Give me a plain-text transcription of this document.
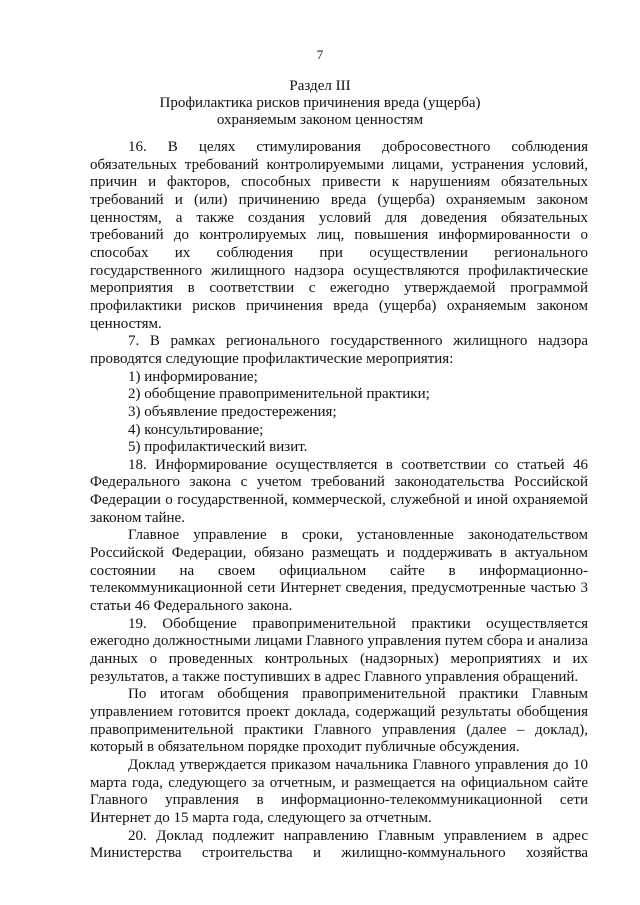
7
Раздел III
Профилактика рисков причинения вреда (ущерба)
охраняемым законом ценностям

16. В целях стимулирования добросовестного соблюдения обязательных требований контролируемыми лицами, устранения условий, причин и факторов, способных привести к нарушениям обязательных требований и (или) причинению вреда (ущерба) охраняемым законом ценностям, а также создания условий для доведения обязательных требований до контролируемых лиц, повышения информированности о способах их соблюдения при осуществлении регионального государственного жилищного надзора осуществляются профилактические мероприятия в соответствии с ежегодно утверждаемой программой профилактики рисков причинения вреда (ущерба) охраняемым законом ценностям.

7. В рамках регионального государственного жилищного надзора проводятся следующие профилактические мероприятия:

1) информирование;

2) обобщение правоприменительной практики;

3) объявление предостережения;

4) консультирование;

5) профилактический визит.

18. Информирование осуществляется в соответствии со статьей 46 Федерального закона с учетом требований законодательства Российской Федерации о государственной, коммерческой, служебной и иной охраняемой законом тайне.

Главное управление в сроки, установленные законодательством Российской Федерации, обязано размещать и поддерживать в актуальном состоянии на своем официальном сайте в информационно-телекоммуникационной сети Интернет сведения, предусмотренные частью 3 статьи 46 Федерального закона.

19. Обобщение правоприменительной практики осуществляется ежегодно должностными лицами Главного управления путем сбора и анализа данных о проведенных контрольных (надзорных) мероприятиях и их результатов, а также поступивших в адрес Главного управления обращений.

По итогам обобщения правоприменительной практики Главным управлением готовится проект доклада, содержащий результаты обобщения правоприменительной практики Главного управления (далее – доклад), который в обязательном порядке проходит публичные обсуждения.

Доклад утверждается приказом начальника Главного управления до 10 марта года, следующего за отчетным, и размещается на официальном сайте Главного управления в информационно-телекоммуникационной сети Интернет до 15 марта года, следующего за отчетным.

20. Доклад подлежит направлению Главным управлением в адрес Министерства строительства и жилищно-коммунального хозяйства
